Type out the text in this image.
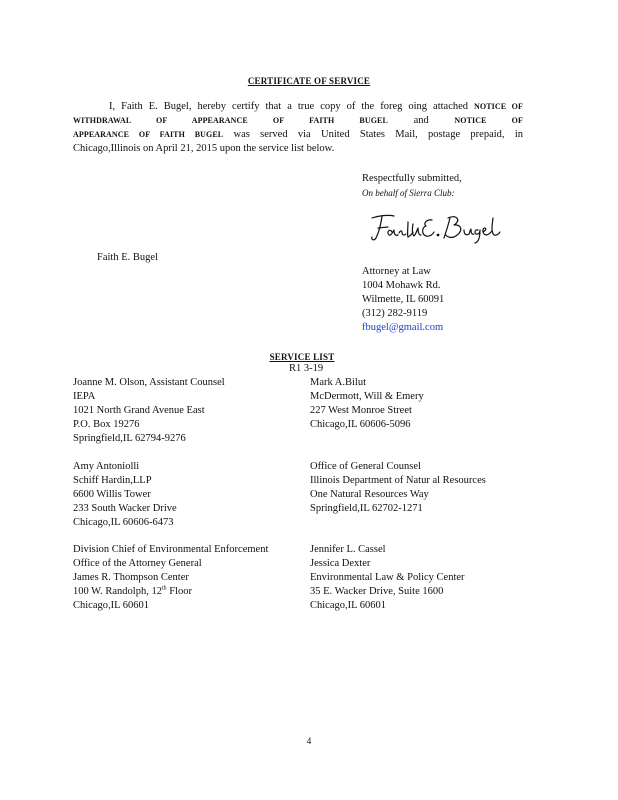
CERTIFICATE OF SERVICE
I, Faith E. Bugel, hereby certify that a true copy of the foreg oing attached NOTICE OF
WITHDRAWAL OF APPEARANCE OF FAITH BUGEL and NOTICE OF
APPEARANCE OF FAITH BUGEL was served via United States Mail, postage prepaid, in
Chicago,Illinois on April 21, 2015 upon the service list below.
Respectfully submitted,
On behalf of Sierra Club:
Faith E. Bugel
Attorney at Law
1004 Mohawk Rd.
Wilmette, IL 60091
(312) 282-9119
fbugel@gmail.com
SERVICE LIST
R1 3-19
Joanne M. Olson, Assistant Counsel
IEPA
1021 North Grand Avenue East
P.O. Box 19276
Springfield,IL 62794-9276
Amy Antoniolli
Schiff Hardin,LLP
6600 Willis Tower
233 South Wacker Drive
Chicago,IL 60606-6473
Division Chief of Environmental Enforcement
Office of the Attorney General
James R. Thompson Center
100 W. Randolph, 12th Floor
Chicago,IL 60601
Mark A.Bilut
McDermott, Will & Emery
227 West Monroe Street
Chicago,IL 60606-5096
Office of General Counsel
Illinois Department of Natur al Resources
One Natural Resources Way
Springfield,IL 62702-1271
Jennifer L. Cassel
Jessica Dexter
Environmental Law & Policy Center
35 E. Wacker Drive, Suite 1600
Chicago,IL 60601
4
